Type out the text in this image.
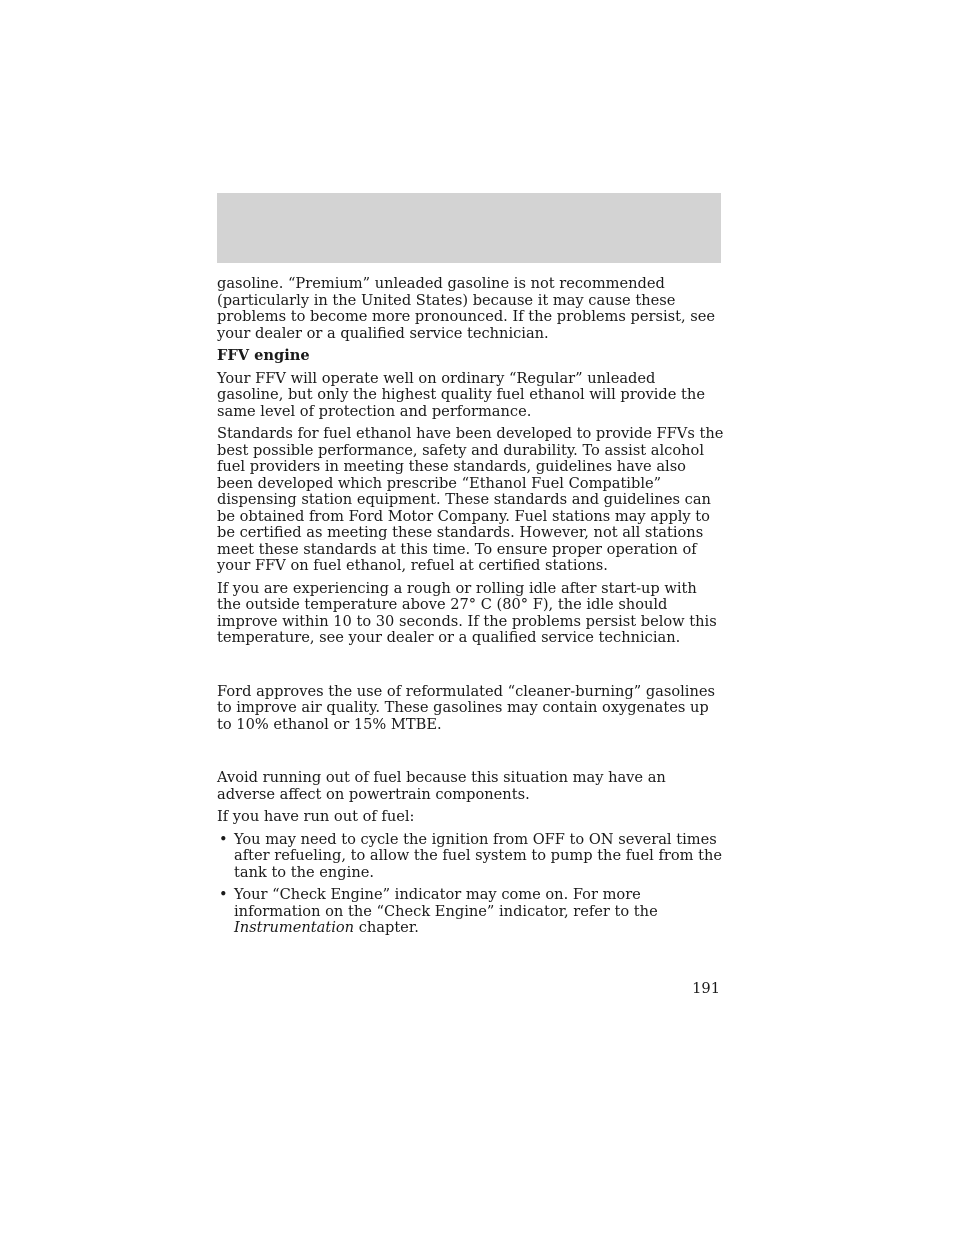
gasoline. “Premium” unleaded gasoline is not recommended (particularly in the United States) because it may cause these problems to become more pronounced. If the problems persist, see your dealer or a qualified service technician.

FFV engine

Your FFV will operate well on ordinary “Regular” unleaded gasoline, but only the highest quality fuel ethanol will provide the same level of protection and performance.

Standards for fuel ethanol have been developed to provide FFVs the best possible performance, safety and durability. To assist alcohol fuel providers in meeting these standards, guidelines have also been developed which prescribe “Ethanol Fuel Compatible” dispensing station equipment. These standards and guidelines can be obtained from Ford Motor Company. Fuel stations may apply to be certified as meeting these standards. However, not all stations meet these standards at this time. To ensure proper operation of your FFV on fuel ethanol, refuel at certified stations.

If you are experiencing a rough or rolling idle after start-up with the outside temperature above 27° C (80° F), the idle should improve within 10 to 30 seconds. If the problems persist below this temperature, see your dealer or a qualified service technician.

Ford approves the use of reformulated “cleaner-burning” gasolines to improve air quality. These gasolines may contain oxygenates up to 10% ethanol or 15% MTBE.

Avoid running out of fuel because this situation may have an adverse affect on powertrain components.

If you have run out of fuel:

• You may need to cycle the ignition from OFF to ON several times after refueling, to allow the fuel system to pump the fuel from the tank to the engine.
• Your “Check Engine” indicator may come on. For more information on the “Check Engine” indicator, refer to the Instrumentation chapter.
191
